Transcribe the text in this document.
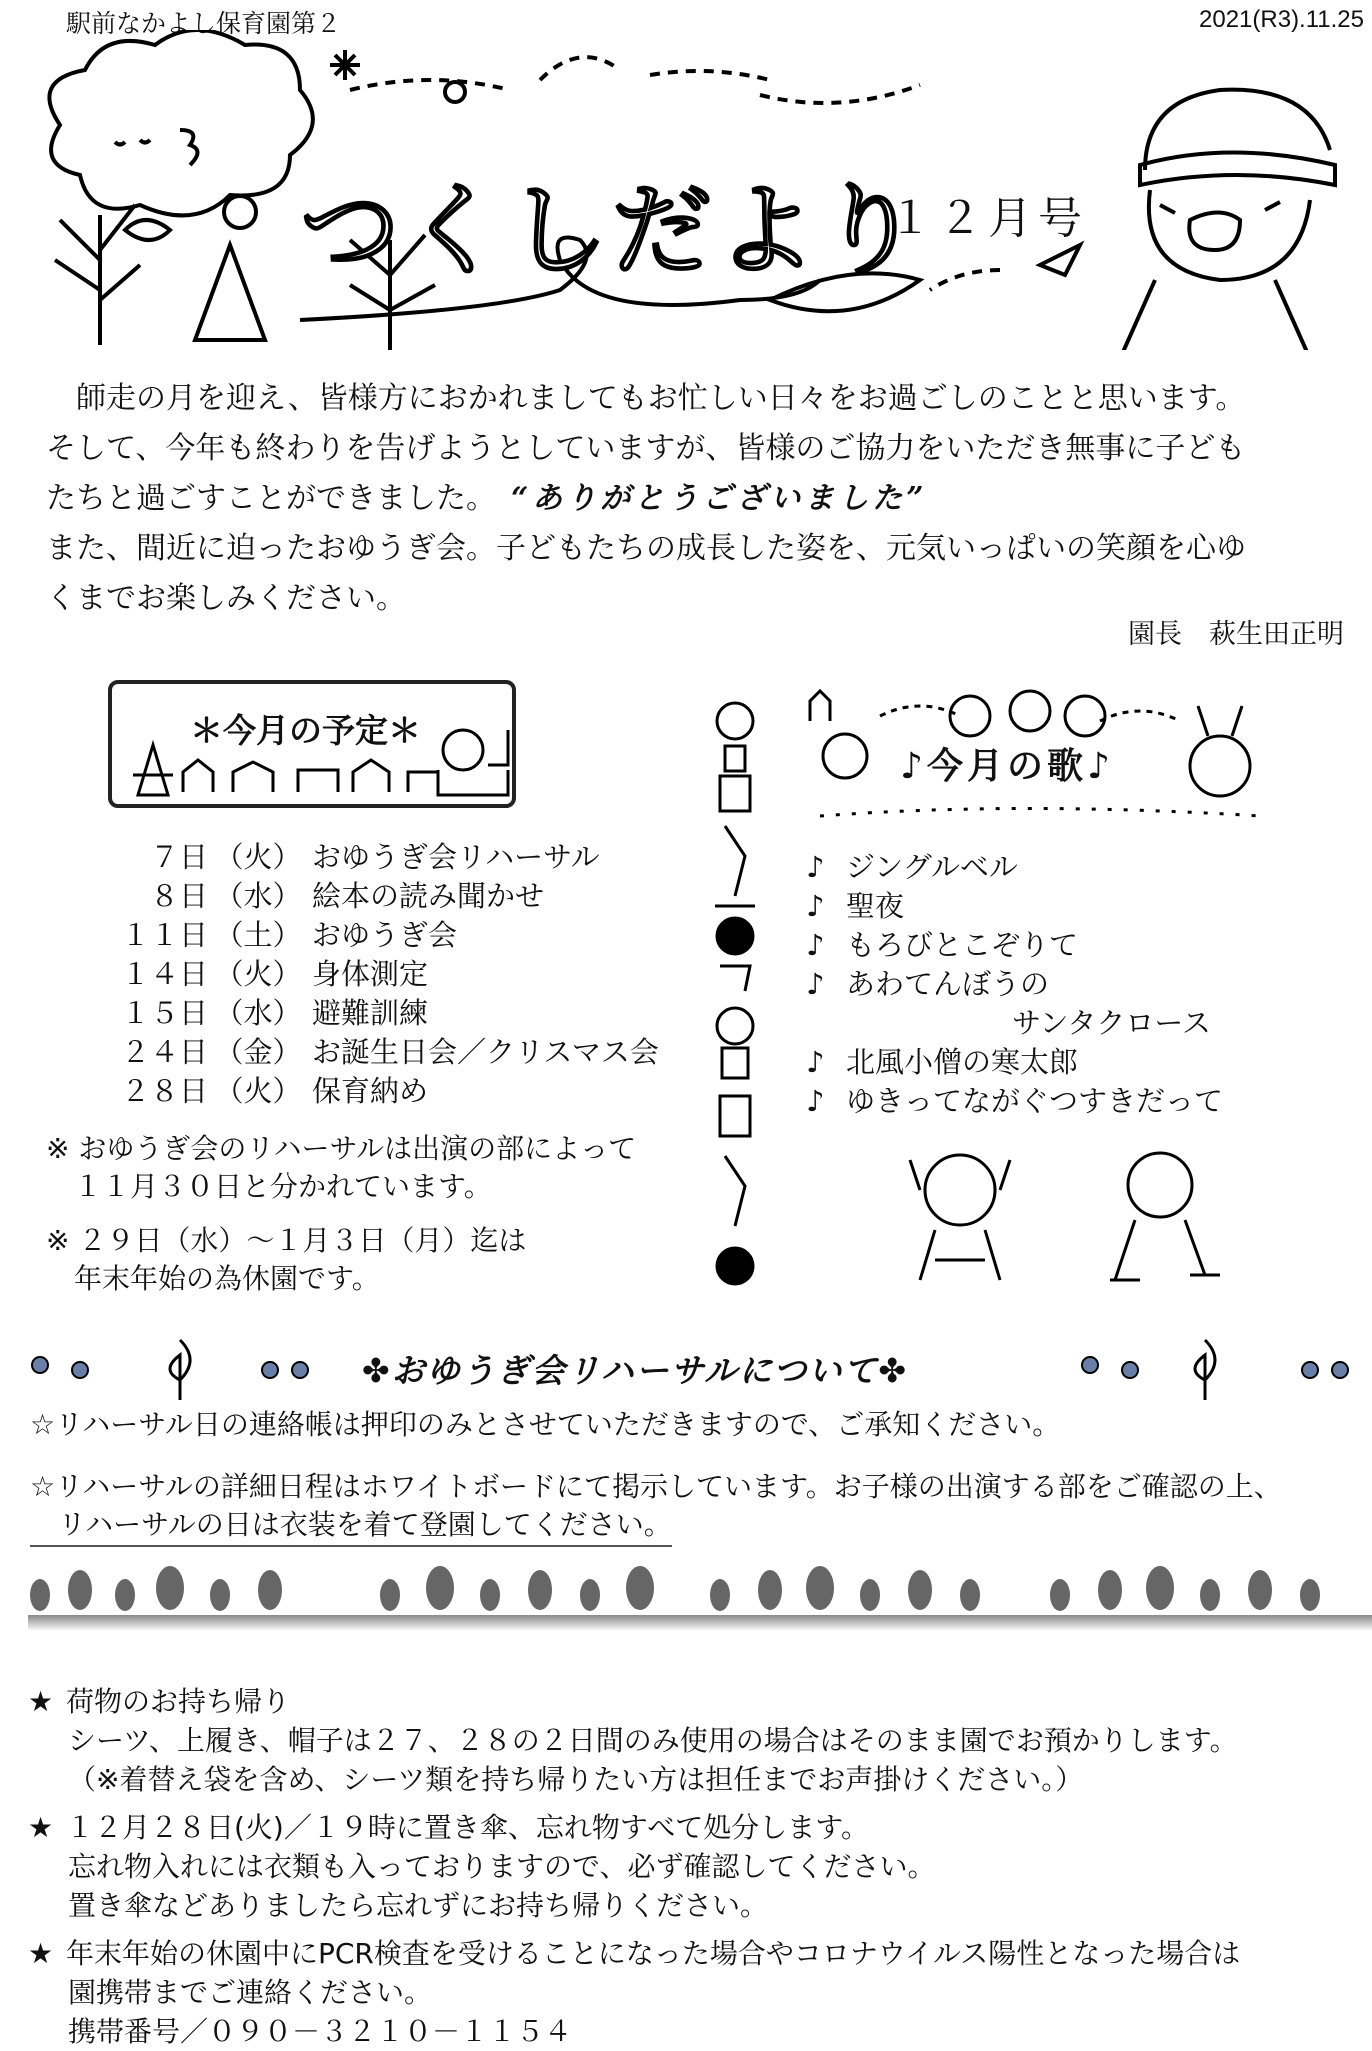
駅前なかよし保育園第２	2021(R3).11.25
つくしだより
１２月号

　師走の月を迎え、皆様方におかれましてもお忙しい日々をお過ごしのことと思います。

そして、今年も終わりを告げようとしていますが、皆様のご協力をいただき無事に子ども

たちと過ごすことができました。　 “ありがとうございました”

また、間近に迫ったおゆうぎ会。子どもたちの成長した姿を、元気いっぱいの笑顔を心ゆ

くまでお楽しみください。

園長　萩生田正明
＊今月の予定＊
７日 （火） おゆうぎ会リハーサル
８日 （水） 絵本の読み聞かせ
１１日 （土） おゆうぎ会
１４日 （火） 身体測定
１５日 （水） 避難訓練
２４日 （金） お誕生日会／クリスマス会
２８日 （火） 保育納め
※ おゆうぎ会のリハーサルは出演の部によって
　１１月３０日と分かれています。
※ ２９日（水）～１月３日（月）迄は
　年末年始の為休園です。
♪今月の歌♪
♪ ジングルベル
♪ 聖夜
♪ もろびとこぞりて
♪ あわてんぼうの
サンタクロース
♪ 北風小僧の寒太郎
♪ ゆきってながぐつすきだって
✤おゆうぎ会リハーサルについて✤
☆リハーサル日の連絡帳は押印のみとさせていただきますので、ご承知ください。
☆リハーサルの詳細日程はホワイトボードにて掲示しています。お子様の出演する部をご確認の上、
　リハーサルの日は衣装を着て登園してください。
★ 荷物のお持ち帰り
シーツ、上履き、帽子は２７、２８の２日間のみ使用の場合はそのまま園でお預かりします。
（※着替え袋を含め、シーツ類を持ち帰りたい方は担任までお声掛けください。）
★ １２月２８日(火)／１９時に置き傘、忘れ物すべて処分します。
忘れ物入れには衣類も入っておりますので、必ず確認してください。
置き傘などありましたら忘れずにお持ち帰りください。
★ 年末年始の休園中にPCR検査を受けることになった場合やコロナウイルス陽性となった場合は
園携帯までご連絡ください。
携帯番号／０９０－３２１０－１１５４
